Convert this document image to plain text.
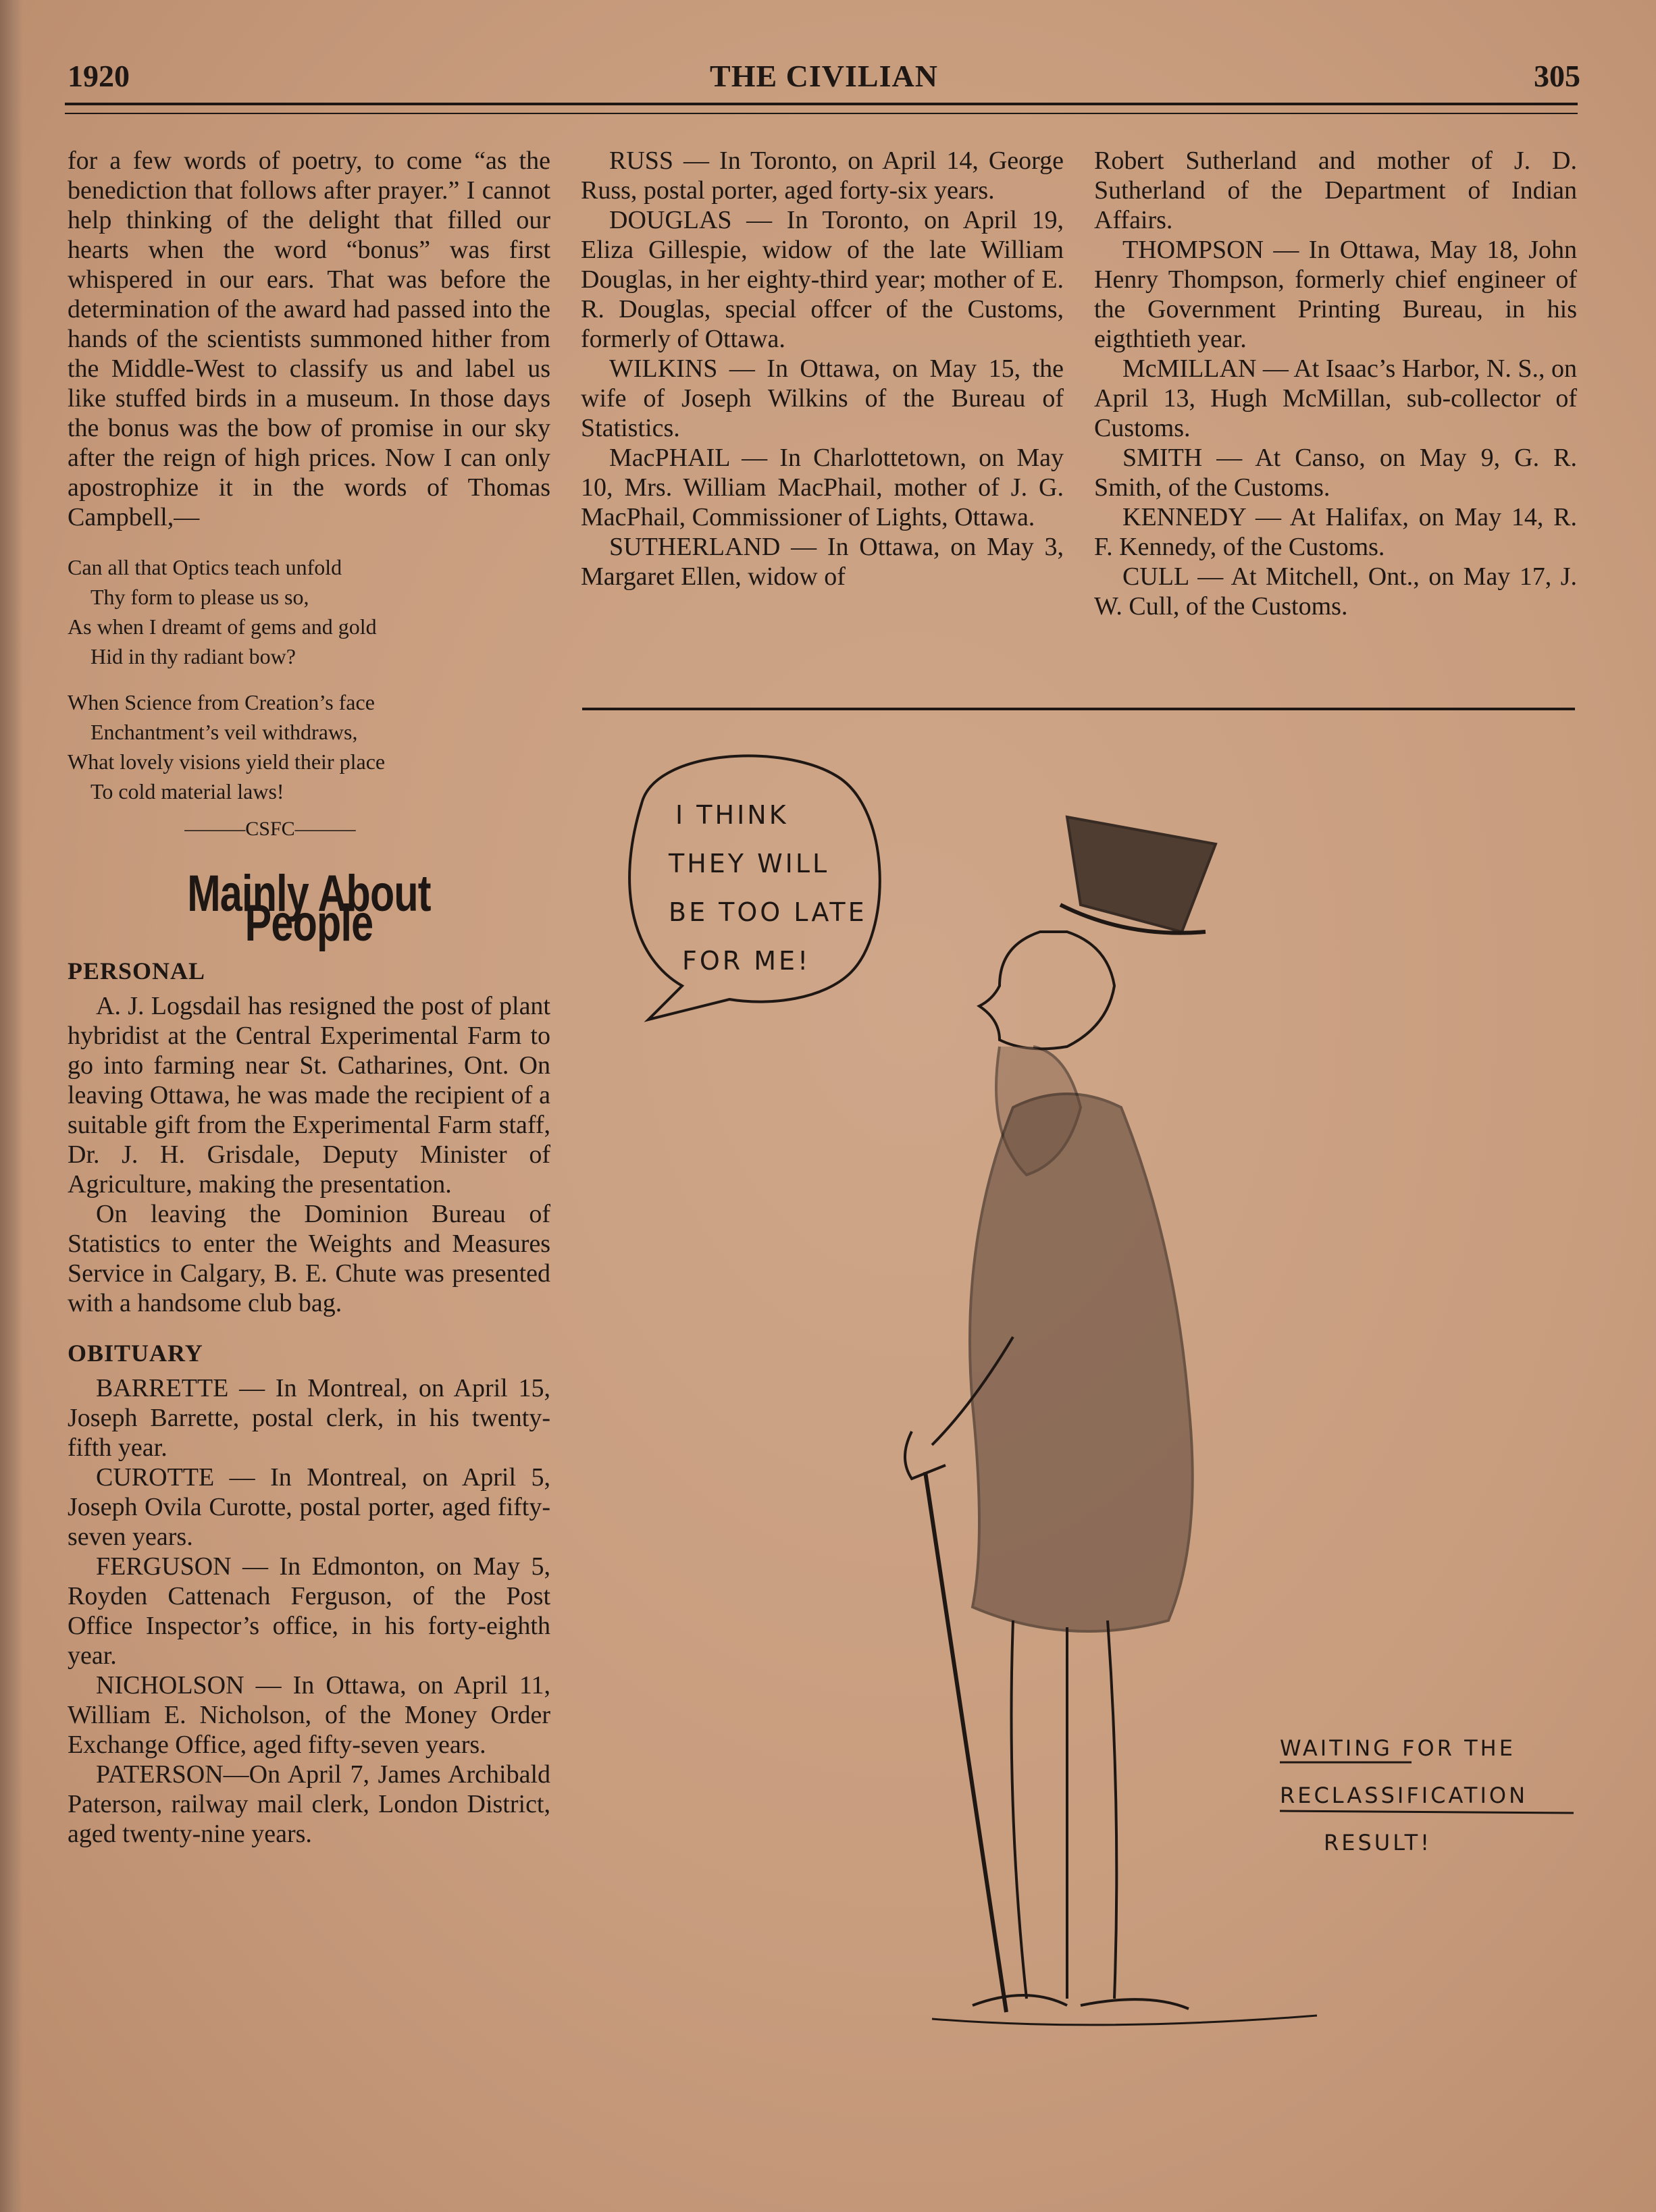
1920	THE CIVILIAN	305

for a few words of poetry, to come “as the benediction that follows after prayer.” I cannot help thinking of the delight that filled our hearts when the word “bonus” was first whispered in our ears. That was before the determination of the award had passed into the hands of the scientists summoned hither from the Middle-West to classify us and label us like stuffed birds in a museum. In those days the bonus was the bow of promise in our sky after the reign of high prices. Now I can only apostrophize it in the words of Thomas Campbell,—

Can all that Optics teach unfold
Thy form to please us so,
As when I dreamt of gems and gold
Hid in thy radiant bow?
When Science from Creation’s face
Enchantment’s veil withdraws,
What lovely visions yield their place
To cold material laws!
———CSFC———
Mainly About People
PERSONAL

A. J. Logsdail has resigned the post of plant hybridist at the Central Experimental Farm to go into farming near St. Catharines, Ont. On leaving Ottawa, he was made the recipient of a suitable gift from the Experimental Farm staff, Dr. J. H. Grisdale, Deputy Minister of Agriculture, making the presentation.

On leaving the Dominion Bureau of Statistics to enter the Weights and Measures Service in Calgary, B. E. Chute was presented with a handsome club bag.

OBITUARY

BARRETTE — In Montreal, on April 15, Joseph Barrette, postal clerk, in his twenty-fifth year.

CUROTTE — In Montreal, on April 5, Joseph Ovila Curotte, postal porter, aged fifty-seven years.

FERGUSON — In Edmonton, on May 5, Royden Cattenach Ferguson, of the Post Office Inspector’s office, in his forty-eighth year.

NICHOLSON — In Ottawa, on April 11, William E. Nicholson, of the Money Order Exchange Office, aged fifty-seven years.

PATERSON—On April 7, James Archibald Paterson, railway mail clerk, London District, aged twenty-nine years.

RUSS — In Toronto, on April 14, George Russ, postal porter, aged forty-six years.

DOUGLAS — In Toronto, on April 19, Eliza Gillespie, widow of the late William Douglas, in her eighty-third year; mother of E. R. Douglas, special offcer of the Customs, formerly of Ottawa.

WILKINS — In Ottawa, on May 15, the wife of Joseph Wilkins of the Bureau of Statistics.

MacPHAIL — In Charlottetown, on May 10, Mrs. William MacPhail, mother of J. G. MacPhail, Commissioner of Lights, Ottawa.

SUTHERLAND — In Ottawa, on May 3, Margaret Ellen, widow of

Robert Sutherland and mother of J. D. Sutherland of the Department of Indian Affairs.

THOMPSON — In Ottawa, May 18, John Henry Thompson, formerly chief engineer of the Government Printing Bureau, in his eigthtieth year.

McMILLAN — At Isaac’s Harbor, N. S., on April 13, Hugh McMillan, sub-collector of Customs.

SMITH — At Canso, on May 9, G. R. Smith, of the Customs.

KENNEDY — At Halifax, on May 14, R. F. Kennedy, of the Customs.

CULL — At Mitchell, Ont., on May 17, J. W. Cull, of the Customs.

I THINK
THEY WILL
BE TOO LATE
FOR ME!
WAITING FOR THE
RECLASSIFICATION
RESULT!
